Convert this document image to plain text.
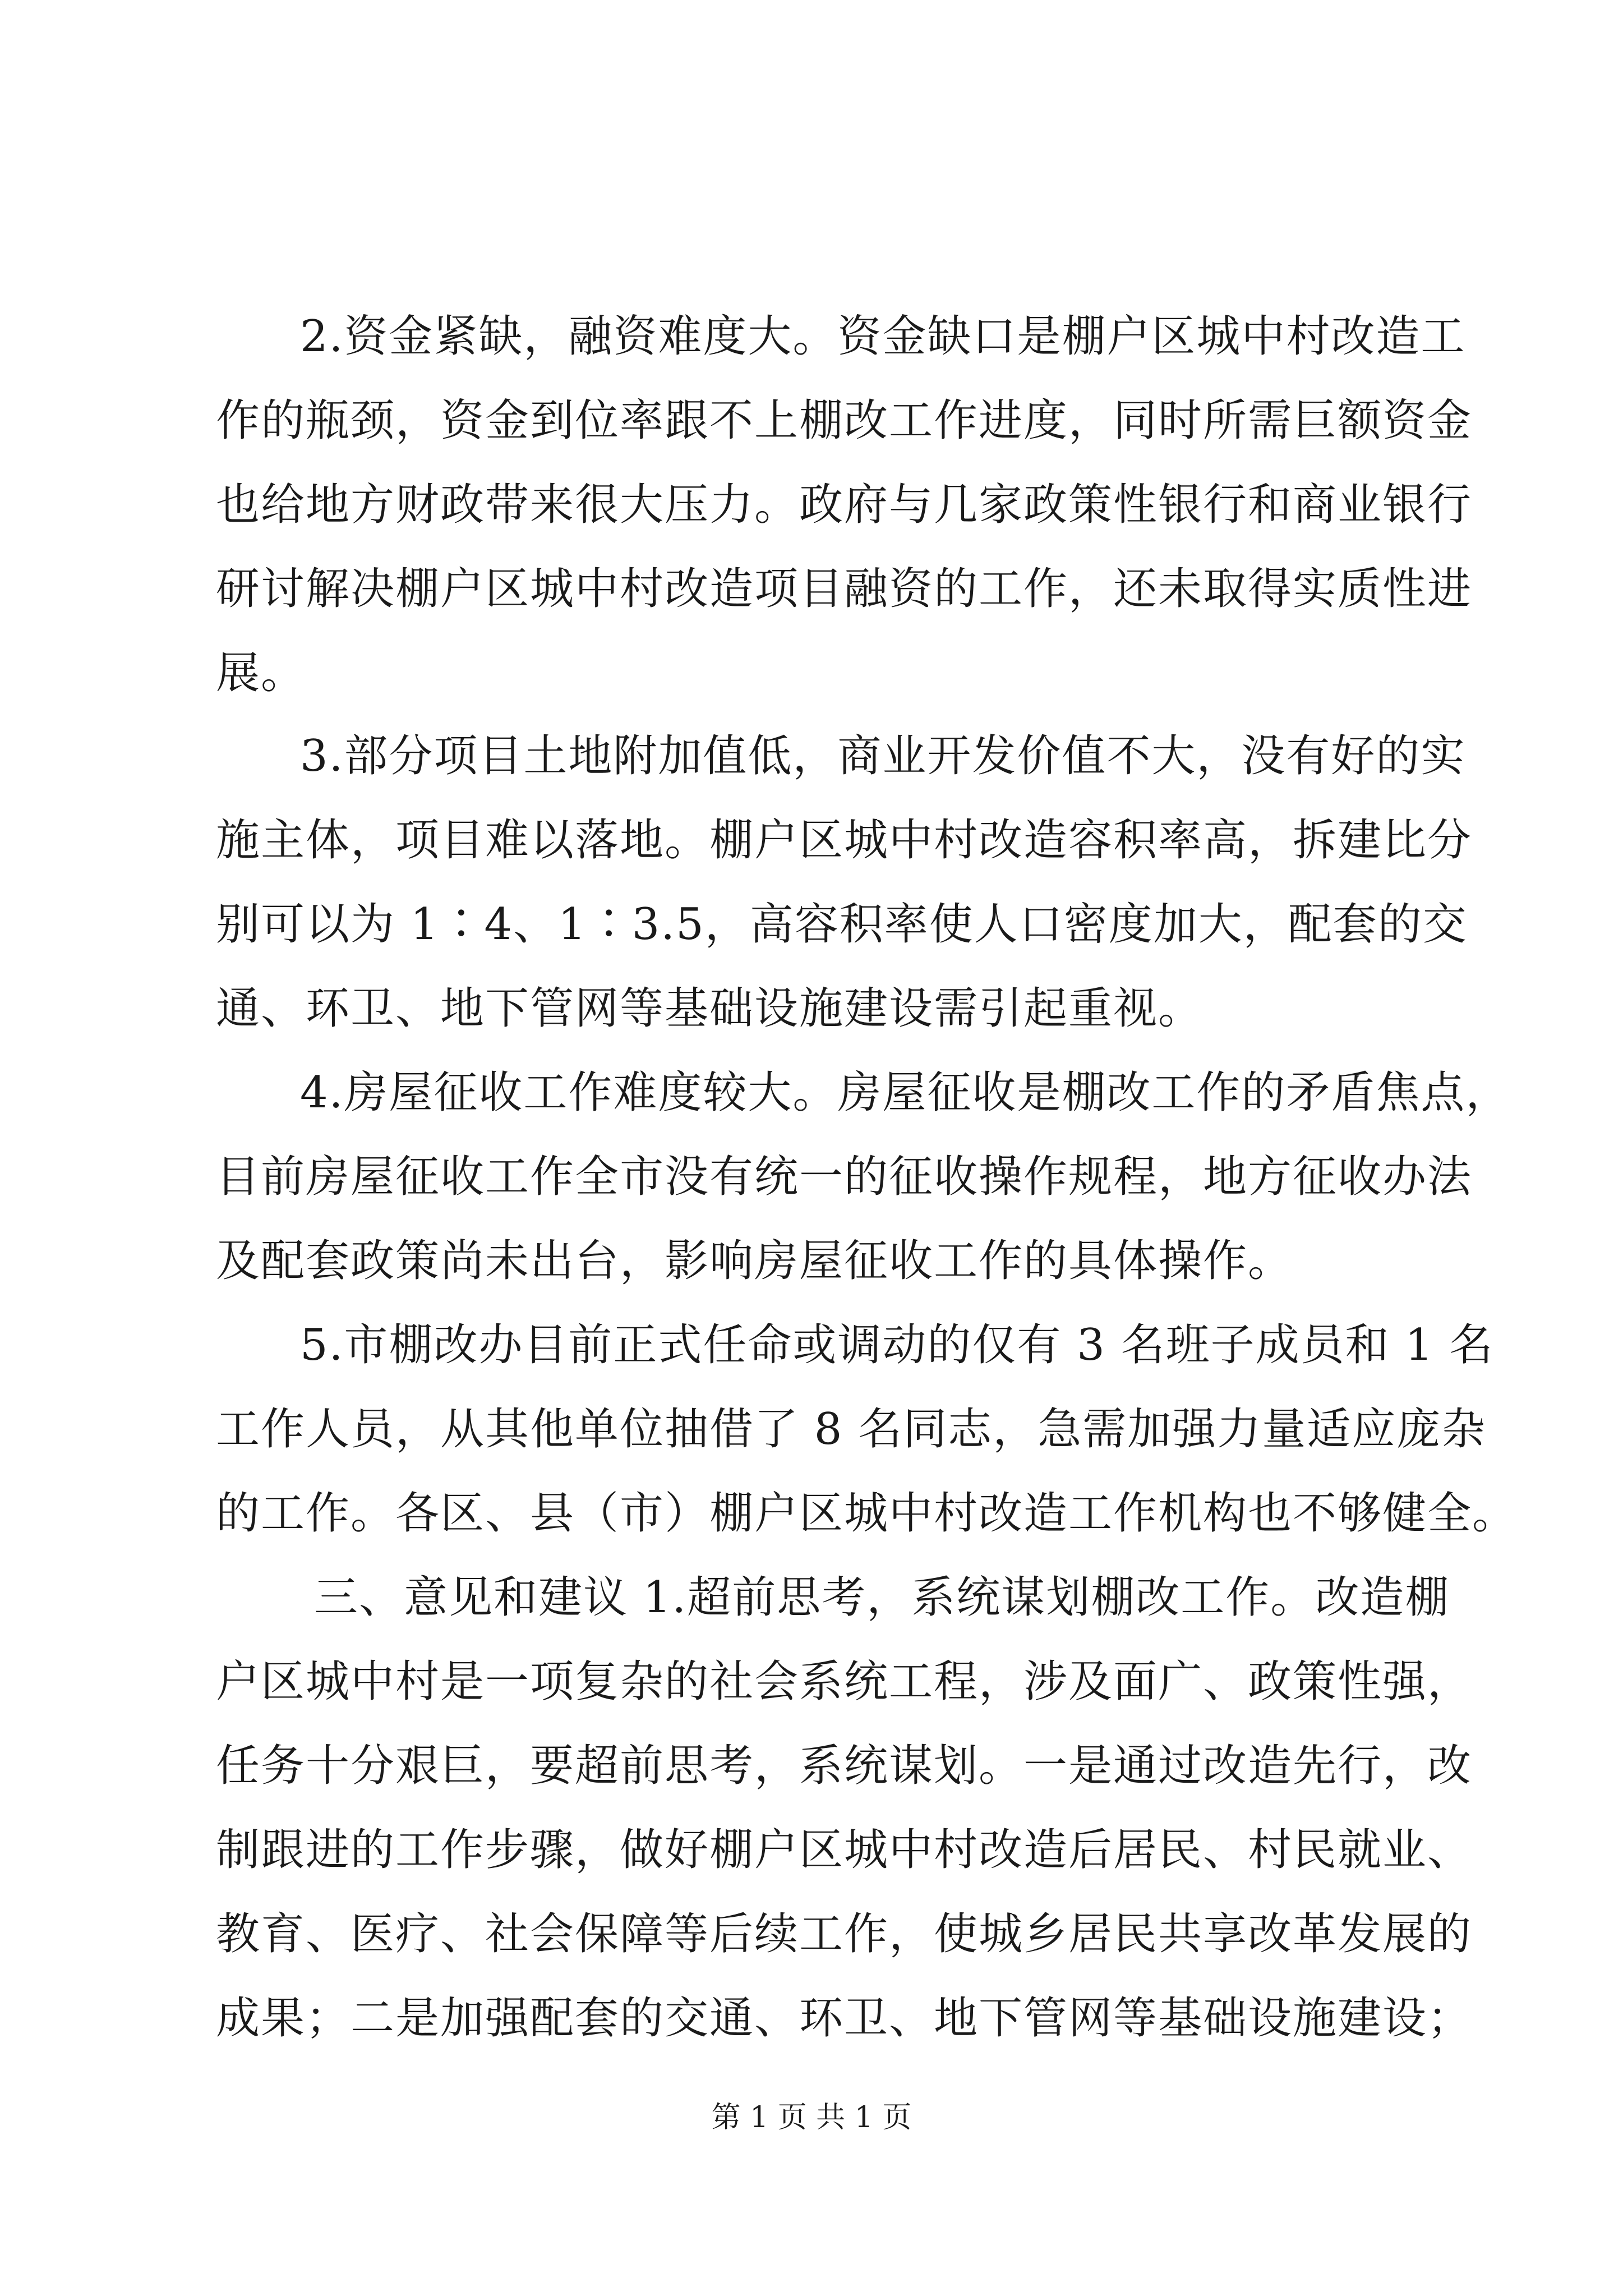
2.资金紧缺，融资难度大。资金缺口是棚户区城中村改造工
作的瓶颈，资金到位率跟不上棚改工作进度，同时所需巨额资金
也给地方财政带来很大压力。政府与几家政策性银行和商业银行
研讨解决棚户区城中村改造项目融资的工作，还未取得实质性进
展。
3.部分项目土地附加值低，商业开发价值不大，没有好的实
施主体，项目难以落地。棚户区城中村改造容积率高，拆建比分
别可以为 1∶4、1∶3.5，高容积率使人口密度加大，配套的交
通、环卫、地下管网等基础设施建设需引起重视。
4.房屋征收工作难度较大。房屋征收是棚改工作的矛盾焦点，
目前房屋征收工作全市没有统一的征收操作规程，地方征收办法
及配套政策尚未出台，影响房屋征收工作的具体操作。
5.市棚改办目前正式任命或调动的仅有 3 名班子成员和 1 名
工作人员，从其他单位抽借了 8 名同志，急需加强力量适应庞杂
的工作。各区、县（市）棚户区城中村改造工作机构也不够健全。
三、意见和建议 1.超前思考，系统谋划棚改工作。改造棚
户区城中村是一项复杂的社会系统工程，涉及面广、政策性强，
任务十分艰巨，要超前思考，系统谋划。一是通过改造先行，改
制跟进的工作步骤，做好棚户区城中村改造后居民、村民就业、
教育、医疗、社会保障等后续工作，使城乡居民共享改革发展的
成果；二是加强配套的交通、环卫、地下管网等基础设施建设；
第 1 页 共 1 页
